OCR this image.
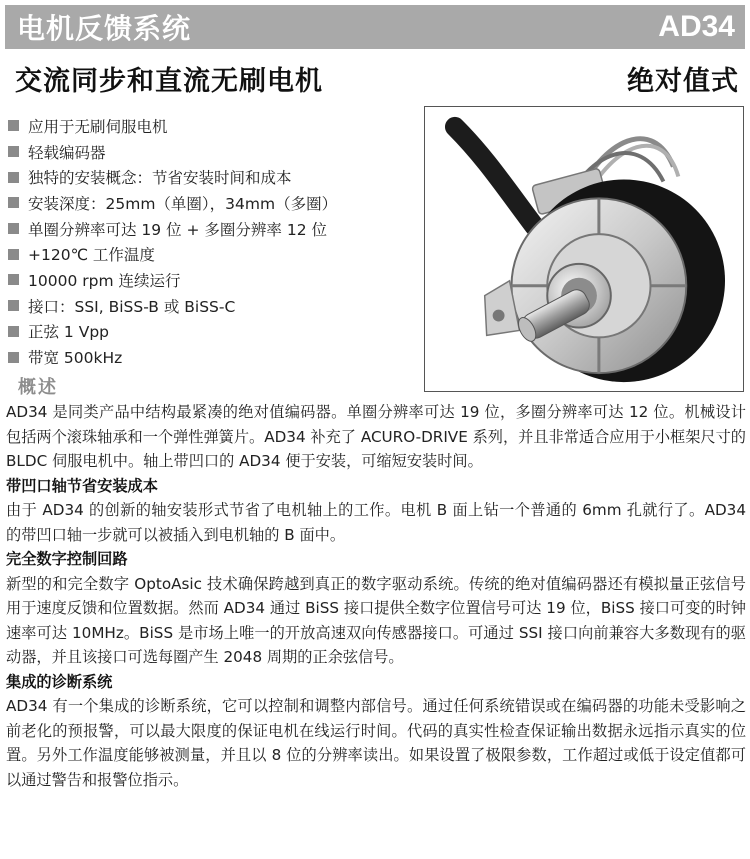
电机反馈系统	AD34
交流同步和直流无刷电机	绝对值式
应用于无刷伺服电机
轻载编码器
独特的安装概念：节省安装时间和成本
安装深度：25mm（单圈），34mm（多圈）
单圈分辨率可达 19 位 + 多圈分辨率 12 位
+120℃ 工作温度
10000 rpm 连续运行
接口：SSI, BiSS-B 或 BiSS-C
正弦 1 Vpp
带宽 500kHz
概述

AD34 是同类产品中结构最紧凑的绝对值编码器。单圈分辨率可达 19 位，多圈分辨率可达 12 位。机械设计包括两个滚珠轴承和一个弹性弹簧片。AD34 补充了 ACURO-DRIVE 系列，并且非常适合应用于小框架尺寸的 BLDC 伺服电机中。轴上带凹口的 AD34 便于安装，可缩短安装时间。

带凹口轴节省安装成本

由于 AD34 的创新的轴安装形式节省了电机轴上的工作。电机 B 面上钻一个普通的 6mm 孔就行了。AD34 的带凹口轴一步就可以被插入到电机轴的 B 面中。

完全数字控制回路

新型的和完全数字 OptoAsic 技术确保跨越到真正的数字驱动系统。传统的绝对值编码器还有模拟量正弦信号用于速度反馈和位置数据。然而 AD34 通过 BiSS 接口提供全数字位置信号可达 19 位，BiSS 接口可变的时钟速率可达 10MHz。BiSS 是市场上唯一的开放高速双向传感器接口。可通过 SSI 接口向前兼容大多数现有的驱动器，并且该接口可选每圈产生 2048 周期的正余弦信号。

集成的诊断系统

AD34 有一个集成的诊断系统，它可以控制和调整内部信号。通过任何系统错误或在编码器的功能未受影响之前老化的预报警，可以最大限度的保证电机在线运行时间。代码的真实性检查保证输出数据永远指示真实的位置。另外工作温度能够被测量，并且以 8 位的分辨率读出。如果设置了极限参数，工作超过或低于设定值都可以通过警告和报警位指示。
